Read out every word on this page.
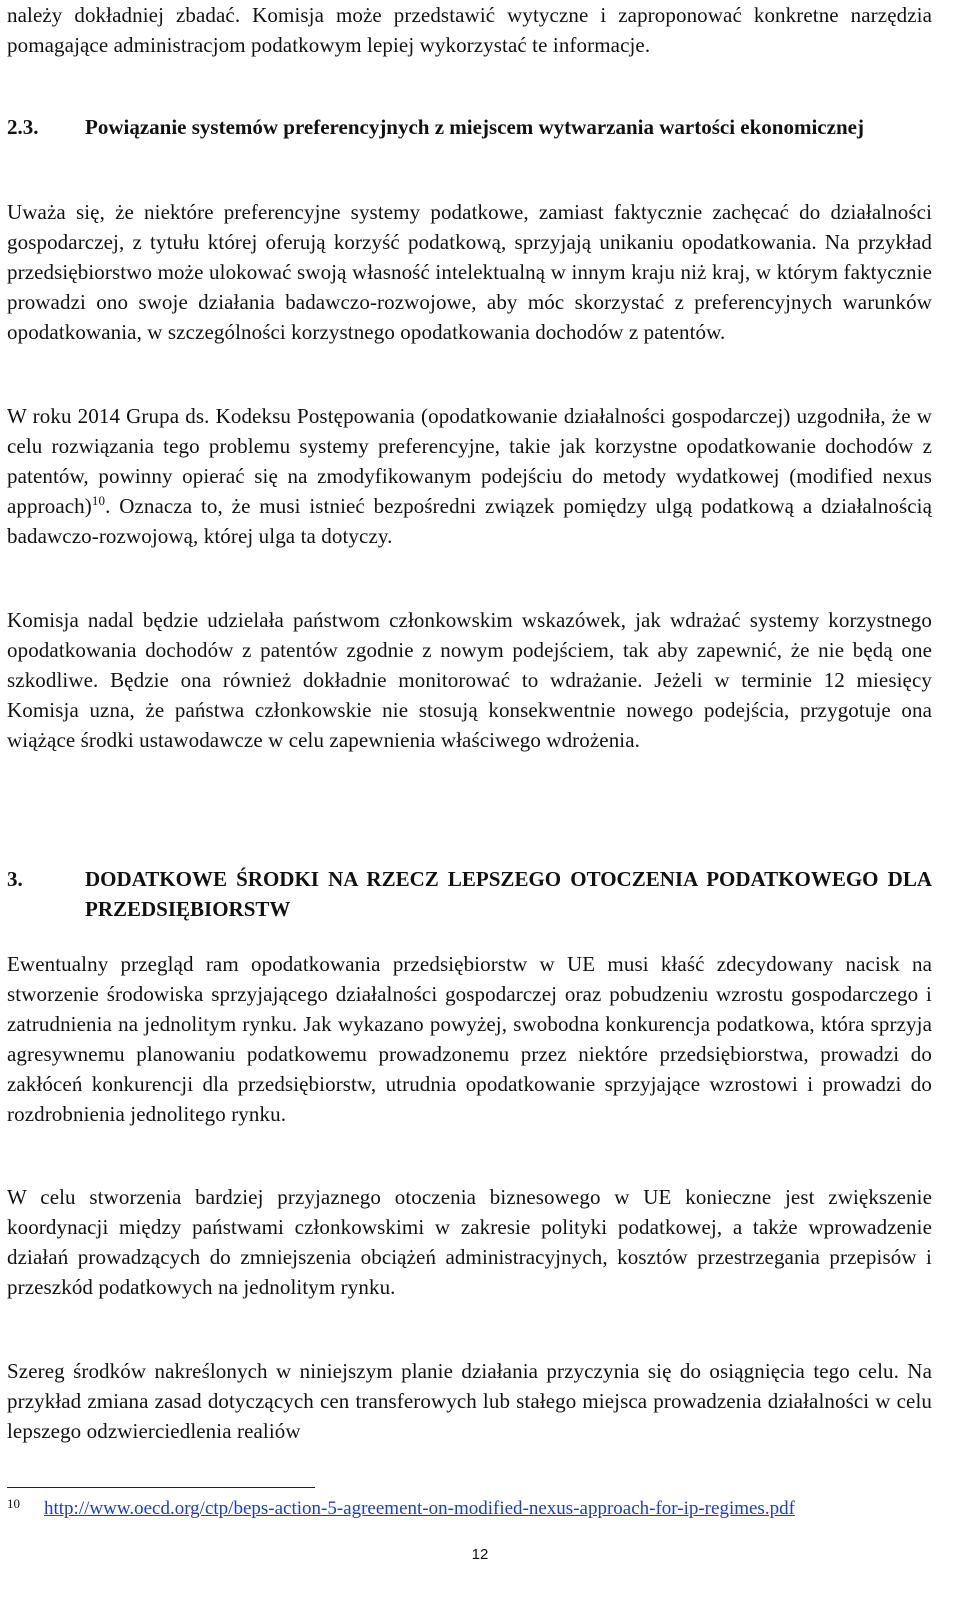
należy dokładniej zbadać. Komisja może przedstawić wytyczne i zaproponować konkretne narzędzia pomagające administracjom podatkowym lepiej wykorzystać te informacje.

2.3. Powiązanie systemów preferencyjnych z miejscem wytwarzania wartości ekonomicznej

Uważa się, że niektóre preferencyjne systemy podatkowe, zamiast faktycznie zachęcać do działalności gospodarczej, z tytułu której oferują korzyść podatkową, sprzyjają unikaniu opodatkowania. Na przykład przedsiębiorstwo może ulokować swoją własność intelektualną w innym kraju niż kraj, w którym faktycznie prowadzi ono swoje działania badawczo-rozwojowe, aby móc skorzystać z preferencyjnych warunków opodatkowania, w szczególności korzystnego opodatkowania dochodów z patentów.

W roku 2014 Grupa ds. Kodeksu Postępowania (opodatkowanie działalności gospodarczej) uzgodniła, że w celu rozwiązania tego problemu systemy preferencyjne, takie jak korzystne opodatkowanie dochodów z patentów, powinny opierać się na zmodyfikowanym podejściu do metody wydatkowej (modified nexus approach)$^{10}$. Oznacza to, że musi istnieć bezpośredni związek pomiędzy ulgą podatkową a działalnością badawczo-rozwojową, której ulga ta dotyczy.

Komisja nadal będzie udzielała państwom członkowskim wskazówek, jak wdrażać systemy korzystnego opodatkowania dochodów z patentów zgodnie z nowym podejściem, tak aby zapewnić, że nie będą one szkodliwe. Będzie ona również dokładnie monitorować to wdrażanie. Jeżeli w terminie 12 miesięcy Komisja uzna, że państwa członkowskie nie stosują konsekwentnie nowego podejścia, przygotuje ona wiążące środki ustawodawcze w celu zapewnienia właściwego wdrożenia.

3.	DODATKOWE ŚRODKI NA RZECZ LEPSZEGO OTOCZENIA PODATKOWEGO DLA PRZEDSIĘBIORSTW

Ewentualny przegląd ram opodatkowania przedsiębiorstw w UE musi kłaść zdecydowany nacisk na stworzenie środowiska sprzyjającego działalności gospodarczej oraz pobudzeniu wzrostu gospodarczego i zatrudnienia na jednolitym rynku. Jak wykazano powyżej, swobodna konkurencja podatkowa, która sprzyja agresywnemu planowaniu podatkowemu prowadzonemu przez niektóre przedsiębiorstwa, prowadzi do zakłóceń konkurencji dla przedsiębiorstw, utrudnia opodatkowanie sprzyjające wzrostowi i prowadzi do rozdrobnienia jednolitego rynku.

W celu stworzenia bardziej przyjaznego otoczenia biznesowego w UE konieczne jest zwiększenie koordynacji między państwami członkowskimi w zakresie polityki podatkowej, a także wprowadzenie działań prowadzących do zmniejszenia obciążeń administracyjnych, kosztów przestrzegania przepisów i przeszkód podatkowych na jednolitym rynku.

Szereg środków nakreślonych w niniejszym planie działania przyczynia się do osiągnięcia tego celu. Na przykład zmiana zasad dotyczących cen transferowych lub stałego miejsca prowadzenia działalności w celu lepszego odzwierciedlenia realiów

10 http://www.oecd.org/ctp/beps-action-5-agreement-on-modified-nexus-approach-for-ip-regimes.pdf
12
